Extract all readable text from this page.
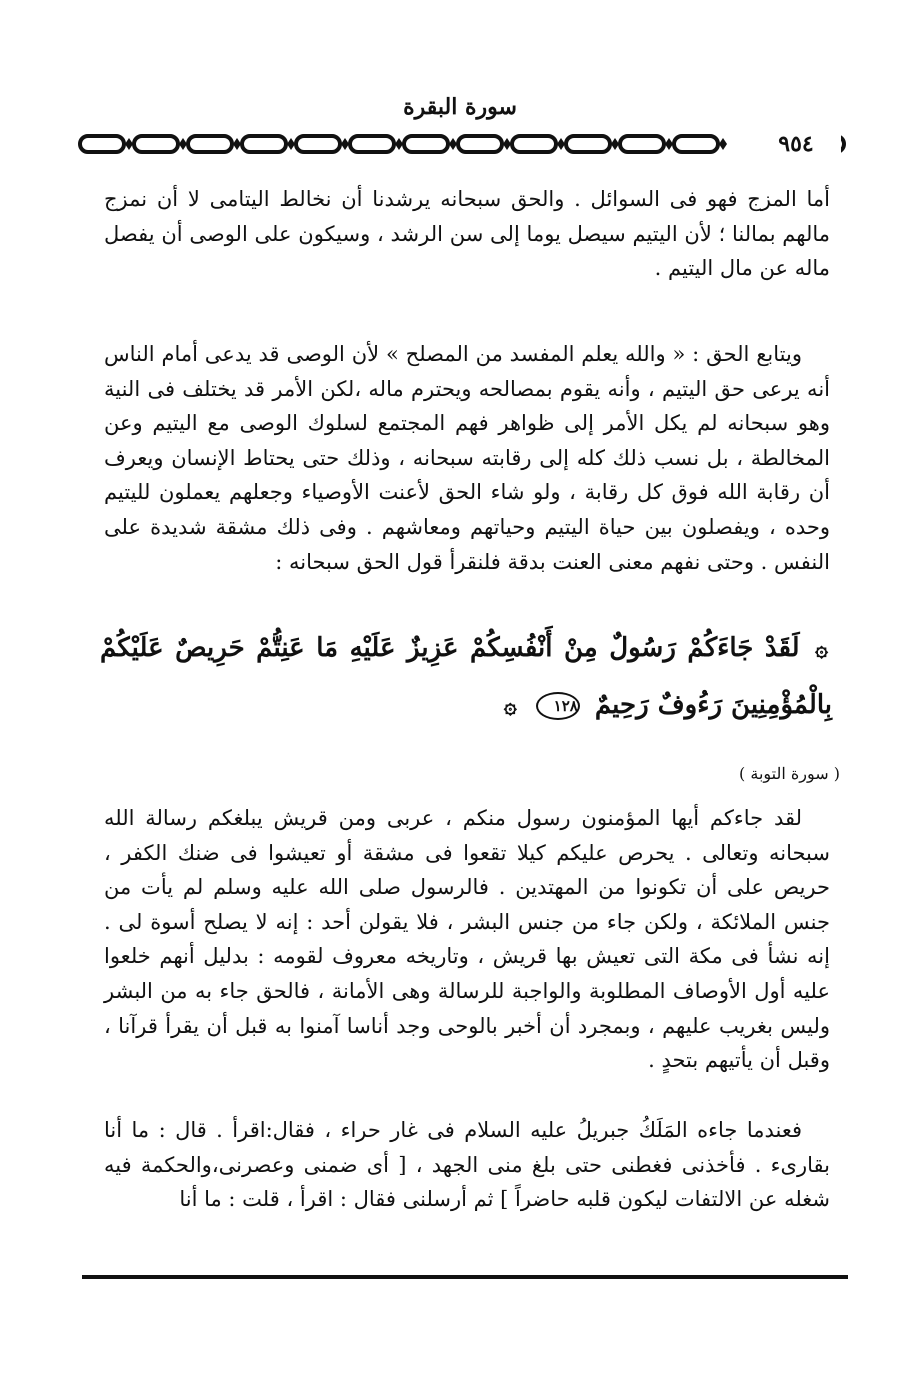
سورة البقرة
٩٥٤

أما المزج فهو فى السوائل . والحق سبحانه يرشدنا أن نخالط اليتامى لا أن نمزج مالهم بمالنا ؛ لأن اليتيم سيصل يوما إلى سن الرشد ، وسيكون على الوصى أن يفصل ماله عن مال اليتيم .

ويتابع الحق : « والله يعلم المفسد من المصلح » لأن الوصى قد يدعى أمام الناس أنه يرعى حق اليتيم ، وأنه يقوم بمصالحه ويحترم ماله ،لكن الأمر قد يختلف فى النية وهو سبحانه لم يكل الأمر إلى ظواهر فهم المجتمع لسلوك الوصى مع اليتيم وعن المخالطة ، بل نسب ذلك كله إلى رقابته سبحانه ، وذلك حتى يحتاط الإنسان ويعرف أن رقابة الله فوق كل رقابة ، ولو شاء الحق لأعنت الأوصياء وجعلهم يعملون لليتيم وحده ، ويفصلون بين حياة اليتيم وحياتهم ومعاشهم . وفى ذلك مشقة شديدة على النفس . وحتى نفهم معنى العنت بدقة فلنقرأ قول الحق سبحانه :

۞ لَقَدْ جَاءَكُمْ رَسُولٌ مِنْ أَنْفُسِكُمْ عَزِيزٌ عَلَيْهِ مَا عَنِتُّمْ حَرِيصٌ عَلَيْكُمْ بِالْمُؤْمِنِينَ رَءُوفٌ رَحِيمٌ ١٢٨ ۞

( سورة التوبة )

لقد جاءكم أيها المؤمنون رسول منكم ، عربى ومن قريش يبلغكم رسالة الله سبحانه وتعالى . يحرص عليكم كيلا تقعوا فى مشقة أو تعيشوا فى ضنك الكفر ، حريص على أن تكونوا من المهتدين . فالرسول صلى الله عليه وسلم لم يأت من جنس الملائكة ، ولكن جاء من جنس البشر ، فلا يقولن أحد : إنه لا يصلح أسوة لى . إنه نشأ فى مكة التى تعيش بها قريش ، وتاريخه معروف لقومه : بدليل أنهم خلعوا عليه أول الأوصاف المطلوبة والواجبة للرسالة وهى الأمانة ، فالحق جاء به من البشر وليس بغريب عليهم ، وبمجرد أن أخبر بالوحى وجد أناسا آمنوا به قبل أن يقرأ قرآنا ، وقبل أن يأتيهم بتحدٍ .

فعندما جاءه المَلَكُ جبريلُ عليه السلام فى غار حراء ، فقال:اقرأ . قال : ما أنا بقارىء . فأخذنى فغطنى حتى بلغ منى الجهد ، [ أى ضمنى وعصرنى،والحكمة فيه شغله عن الالتفات ليكون قلبه حاضراً ] ثم أرسلنى فقال : اقرأ ، قلت : ما أنا
